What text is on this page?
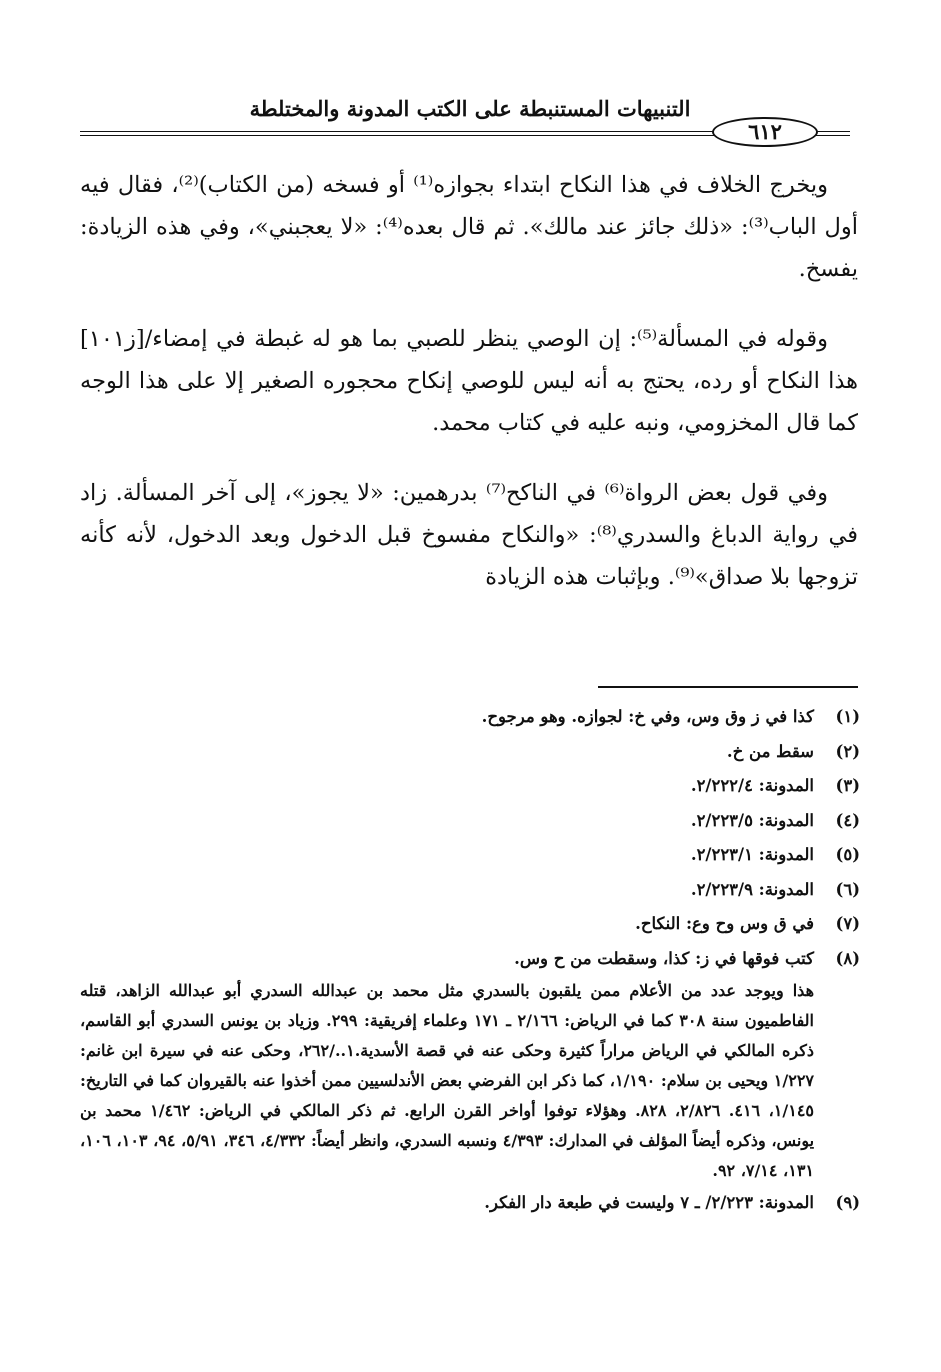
التنبيهات المستنبطة على الكتب المدونة والمختلطة
٦١٢

ويخرج الخلاف في هذا النكاح ابتداء بجوازه⁽¹⁾ أو فسخه (من الكتاب)⁽²⁾، فقال فيه أول الباب⁽³⁾: «ذلك جائز عند مالك». ثم قال بعده⁽⁴⁾: «لا يعجبني»، وفي هذه الزيادة: يفسخ.

وقوله في المسألة⁽⁵⁾: إن الوصي ينظر للصبي بما هو له غبطة في إمضاء/[ز١٠١] هذا النكاح أو رده، يحتج به أنه ليس للوصي إنكاح محجوره الصغير إلا على هذا الوجه كما قال المخزومي، ونبه عليه في كتاب محمد.

وفي قول بعض الرواة⁽⁶⁾ في الناكح⁽⁷⁾ بدرهمين: «لا يجوز»، إلى آخر المسألة. زاد في رواية الدباغ والسدري⁽⁸⁾: «والنكاح مفسوخ قبل الدخول وبعد الدخول، لأنه كأنه تزوجها بلا صداق»⁽⁹⁾. وبإثبات هذه الزيادة

(١)
كذا في ز وق وس، وفي خ: لجوازه. وهو مرجوح.
(٢)
سقط من خ.
(٣)
المدونة: ٢/٢٢٢/٤.
(٤)
المدونة: ٢/٢٢٣/٥.
(٥)
المدونة: ٢/٢٢٣/١.
(٦)
المدونة: ٢/٢٢٣/٩.
(٧)
في ق وس وح وع: النكاح.
(٨)
كتب فوقها في ز: كذا، وسقطت من ح وس.

هذا ويوجد عدد من الأعلام ممن يلقبون بالسدري مثل محمد بن عبدالله السدري أبو عبدالله الزاهد، قتله الفاطميون سنة ٣٠٨ كما في الرياض: ٢/١٦٦ ـ ١٧١ وعلماء إفريقية: ٢٩٩. وزياد بن يونس السدري أبو القاسم، ذكره المالكي في الرياض مراراً كثيرة وحكى عنه في قصة الأسدية.١../٢٦٢، وحكى عنه في سيرة ابن غانم: ١/٢٢٧ ويحيى بن سلام: ١/١٩٠، كما ذكر ابن الفرضي بعض الأندلسيين ممن أخذوا عنه بالقيروان كما في التاريخ: ١/١٤٥، ٤١٦. ٢/٨٢٦، ٨٢٨. وهؤلاء توفوا أواخر القرن الرابع. ثم ذكر المالكي في الرياض: ١/٤٦٢ محمد بن يونس، وذكره أيضاً المؤلف في المدارك: ٤/٣٩٣ ونسبه السدري، وانظر أيضاً: ٤/٣٣٢، ٣٤٦، ٥/٩١، ٩٤، ١٠٣، ١٠٦، ١٣١، ٧/١٤، ٩٢.

(٩)
المدونة: ٢/٢٢٣/ ـ ٧ وليست في طبعة دار الفكر.
